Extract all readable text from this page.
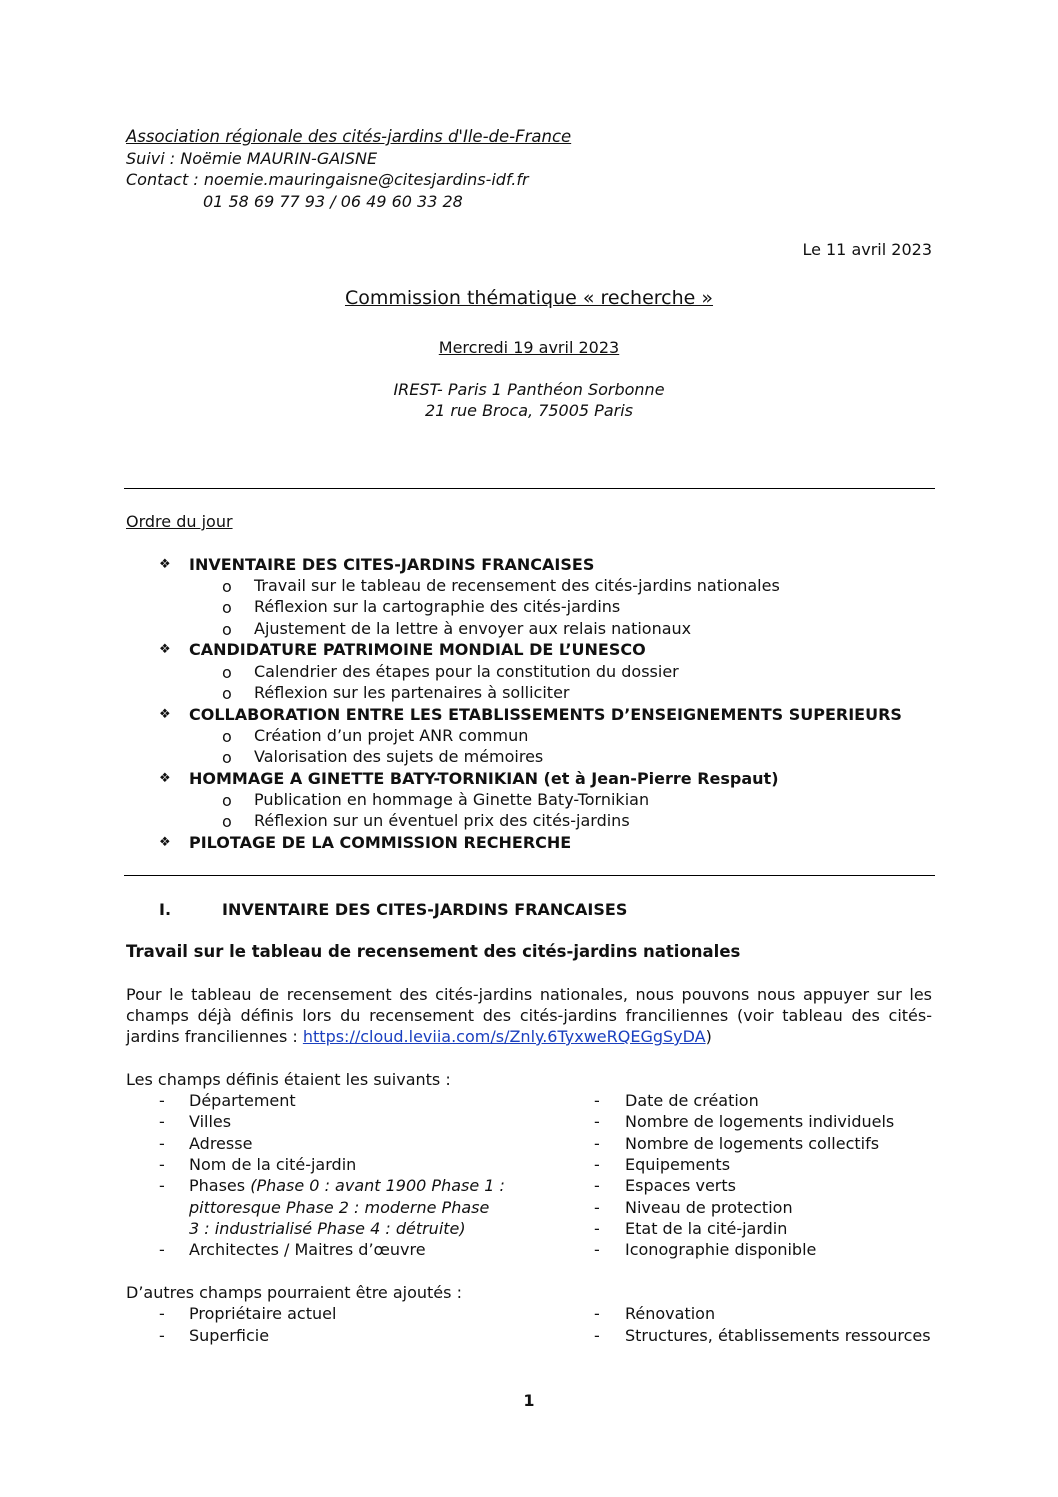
Association régionale des cités-jardins d'Ile-de-France
Suivi : Noëmie MAURIN-GAISNE
Contact : noemie.mauringaisne@citesjardins-idf.fr
01 58 69 77 93 / 06 49 60 33 28
Le 11 avril 2023
Commission thématique « recherche »
Mercredi 19 avril 2023
IREST- Paris 1 Panthéon Sorbonne
21 rue Broca, 75005 Paris
Ordre du jour
❖ INVENTAIRE DES CITES-JARDINS FRANCAISES
o Travail sur le tableau de recensement des cités-jardins nationales
o Réflexion sur la cartographie des cités-jardins
o Ajustement de la lettre à envoyer aux relais nationaux
❖ CANDIDATURE PATRIMOINE MONDIAL DE L’UNESCO
o Calendrier des étapes pour la constitution du dossier
o Réflexion sur les partenaires à solliciter
❖ COLLABORATION ENTRE LES ETABLISSEMENTS D’ENSEIGNEMENTS SUPERIEURS
o Création d’un projet ANR commun
o Valorisation des sujets de mémoires
❖ HOMMAGE A GINETTE BATY-TORNIKIAN (et à Jean-Pierre Respaut)
o Publication en hommage à Ginette Baty-Tornikian
o Réflexion sur un éventuel prix des cités-jardins
❖ PILOTAGE DE LA COMMISSION RECHERCHE
I.	INVENTAIRE DES CITES-JARDINS FRANCAISES
Travail sur le tableau de recensement des cités-jardins nationales
Pour le tableau de recensement des cités-jardins nationales, nous pouvons nous appuyer sur les champs déjà définis lors du recensement des cités-jardins franciliennes (voir tableau des cités-jardins franciliennes : https://cloud.leviia.com/s/Znly.6TyxweRQEGgSyDA)
Les champs définis étaient les suivants :
- Département
- Villes
- Adresse
- Nom de la cité-jardin
- Phases (Phase 0 : avant 1900 Phase 1 :
pittoresque Phase 2 : moderne Phase
3 : industrialisé Phase 4 : détruite)
- Architectes / Maitres d’œuvre
- Date de création
- Nombre de logements individuels
- Nombre de logements collectifs
- Equipements
- Espaces verts
- Niveau de protection
- Etat de la cité-jardin
- Iconographie disponible
D’autres champs pourraient être ajoutés :
- Propriétaire actuel
- Superficie
- Rénovation
- Structures, établissements ressources
1
